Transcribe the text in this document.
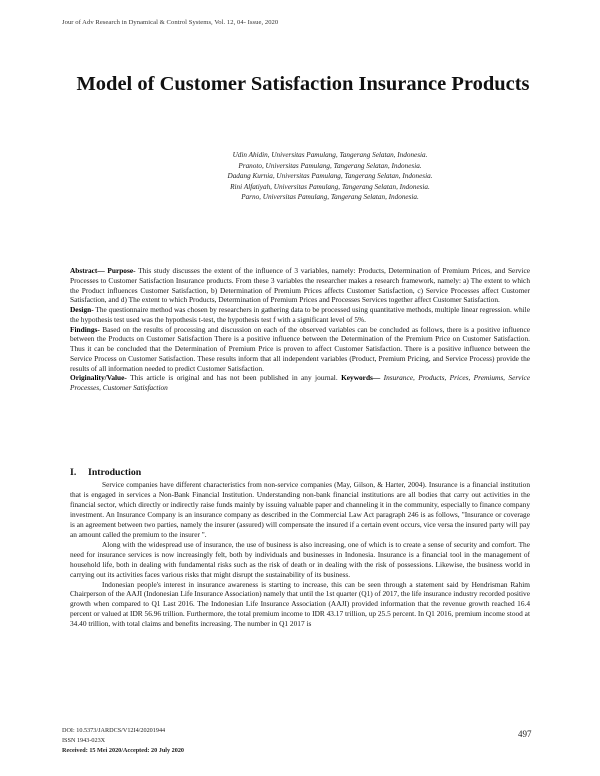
Jour of Adv Research in Dynamical & Control Systems, Vol. 12, 04- Issue, 2020
Model of Customer Satisfaction Insurance Products
Udin Ahidin, Universitas Pamulang, Tangerang Selatan, Indonesia.
Pranoto, Universitas Pamulang, Tangerang Selatan, Indonesia.
Dadang Kurnia, Universitas Pamulang, Tangerang Selatan, Indonesia.
Rini Alfatiyah, Universitas Pamulang, Tangerang Selatan, Indonesia.
Parno, Universitas Pamulang, Tangerang Selatan, Indonesia.

Abstract— Purpose- This study discusses the extent of the influence of 3 variables, namely: Products, Determination of Premium Prices, and Service Processes to Customer Satisfaction Insurance products. From these 3 variables the researcher makes a research framework, namely: a) The extent to which the Product influences Customer Satisfaction, b) Determination of Premium Prices affects Customer Satisfaction, c) Service Processes affect Customer Satisfaction, and d) The extent to which Products, Determination of Premium Prices and Processes Services together affect Customer Satisfaction.

Design- The questionnaire method was chosen by researchers in gathering data to be processed using quantitative methods, multiple linear regression. while the hypothesis test used was the hypothesis t-test, the hypothesis test f with a significant level of 5%.

Findings- Based on the results of processing and discussion on each of the observed variables can be concluded as follows, there is a positive influence between the Products on Customer Satisfaction There is a positive influence between the Determination of the Premium Price on Customer Satisfaction. Thus it can be concluded that the Determination of Premium Price is proven to affect Customer Satisfaction. There is a positive influence between the Service Process on Customer Satisfaction. These results inform that all independent variables (Product, Premium Pricing, and Service Process) provide the results of all information needed to predict Customer Satisfaction.

Originality/Value- This article is original and has not been published in any journal. Keywords— Insurance, Products, Prices, Premiums, Service Processes, Customer Satisfaction

I. Introduction

Service companies have different characteristics from non-service companies (May, Gilson, & Harter, 2004). Insurance is a financial institution that is engaged in services a Non-Bank Financial Institution. Understanding non-bank financial institutions are all bodies that carry out activities in the financial sector, which directly or indirectly raise funds mainly by issuing valuable paper and channeling it in the community, especially to finance company investment. An Insurance Company is an insurance company as described in the Commercial Law Act paragraph 246 is as follows, "Insurance or coverage is an agreement between two parties, namely the insurer (assured) will compensate the insured if a certain event occurs, vice versa the insured party will pay an amount called the premium to the insurer ".

Along with the widespread use of insurance, the use of business is also increasing, one of which is to create a sense of security and comfort. The need for insurance services is now increasingly felt, both by individuals and businesses in Indonesia. Insurance is a financial tool in the management of household life, both in dealing with fundamental risks such as the risk of death or in dealing with the risk of possessions. Likewise, the business world in carrying out its activities faces various risks that might disrupt the sustainability of its business.

Indonesian people's interest in insurance awareness is starting to increase, this can be seen through a statement said by Hendrisman Rahim Chairperson of the AAJI (Indonesian Life Insurance Association) namely that until the 1st quarter (Q1) of 2017, the life insurance industry recorded positive growth when compared to Q1 Last 2016. The Indonesian Life Insurance Association (AAJI) provided information that the revenue growth reached 16.4 percent or valued at IDR 56.96 trillion. Furthermore, the total premium income to IDR 43.17 trillion, up 25.5 percent. In Q1 2016, premium income stood at 34.40 trillion, with total claims and benefits increasing. The number in Q1 2017 is

DOI: 10.5373/JARDCS/V12I4/20201944
ISSN 1943-023X
Received: 15 Mei 2020/Accepted: 20 July 2020
497
